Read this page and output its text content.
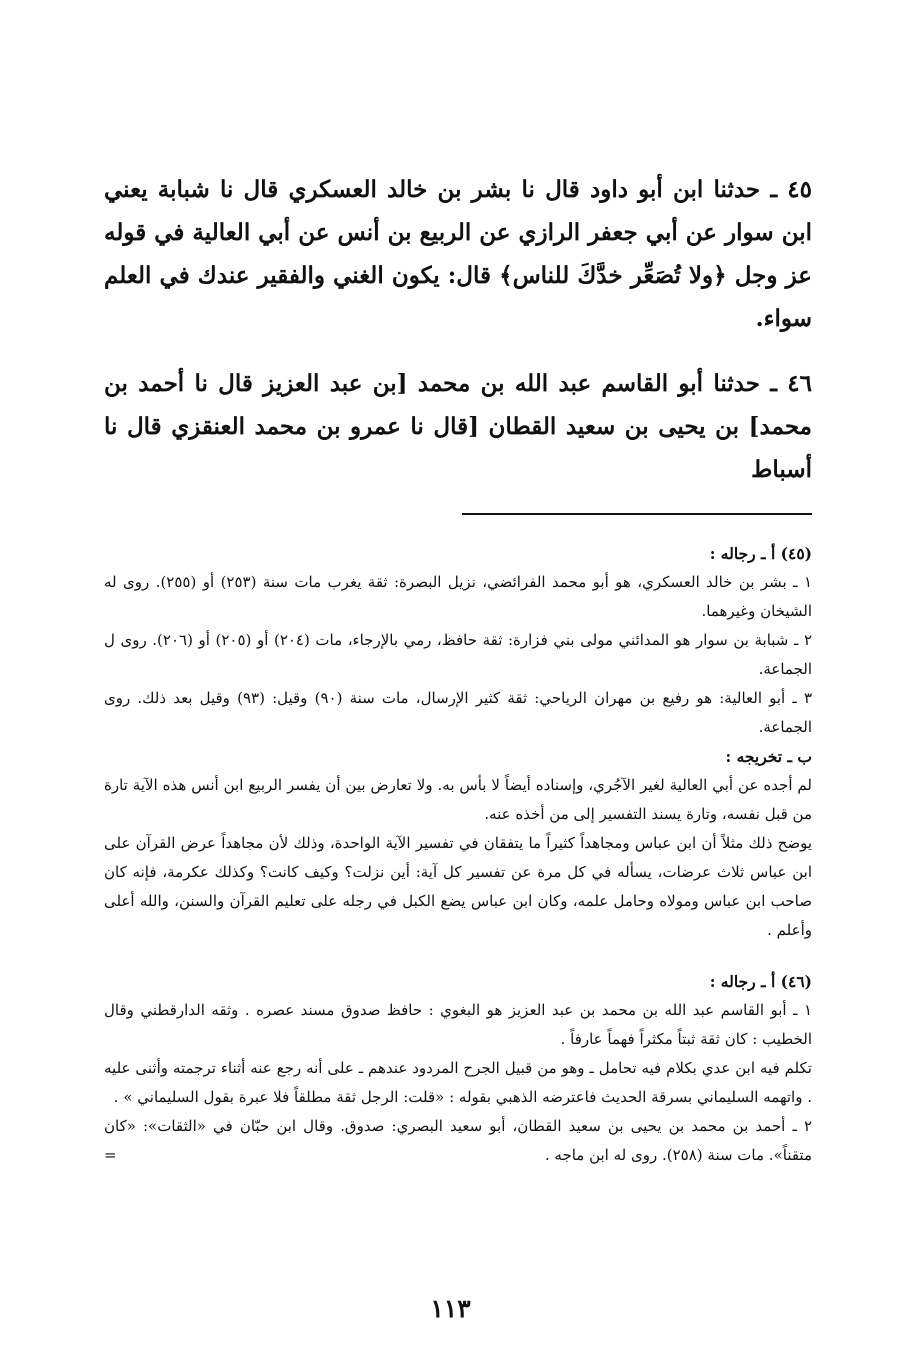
٤٥ ـ حدثنا ابن أبو داود قال نا بشر بن خالد العسكري قال نا شبابة يعني ابن سوار عن أبي جعفر الرازي عن الربيع بن أنس عن أبي العالية في قوله عز وجل ﴿ولا تُصَعِّر خدَّكَ للناس﴾ قال: يكون الغني والفقير عندك في العلم سواء.

٤٦ ـ حدثنا أبو القاسم عبد الله بن محمد [بن عبد العزيز قال نا أحمد بن محمد] بن يحيى بن سعيد القطان [قال نا عمرو بن محمد العنقزي قال نا أسباط

(٤٥) أ ـ رجاله :

١ ـ بشر بن خالد العسكري، هو أبو محمد الفرائضي، نزيل البصرة: ثقة يغرب مات سنة (٢٥٣) أو (٢٥٥). روى له الشيخان وغيرهما.

٢ ـ شبابة بن سوار هو المدائني مولى بني فزارة: ثقة حافظ، رمي بالإرجاء، مات (٢٠٤) أو (٢٠٥) أو (٢٠٦). روى ل الجماعة.

٣ ـ أبو العالية: هو رفيع بن مهران الرياحي: ثقة كثير الإرسال، مات سنة (٩٠) وقيل: (٩٣) وقيل بعد ذلك. روى الجماعة.

ب ـ تخريجه :

لم أجده عن أبي العالية لغير الآجُري، وإسناده أيضاً لا بأس به. ولا تعارض بين أن يفسر الربيع ابن أنس هذه الآية تارة من قبل نفسه، وتارة يسند التفسير إلى من أخذه عنه.

يوضح ذلك مثلاً أن ابن عباس ومجاهداً كثيراً ما يتفقان في تفسير الآية الواحدة، وذلك لأن مجاهداً عرض القرآن على ابن عباس ثلاث عرضات، يسأله في كل مرة عن تفسير كل آية: أين نزلت؟ وكيف كانت؟ وكذلك عكرمة، فإنه كان صاحب ابن عباس ومولاه وحامل علمه، وكان ابن عباس يضع الكبل في رجله على تعليم القرآن والسنن، والله أعلى وأعلم .

(٤٦) أ ـ رجاله :

١ ـ أبو القاسم عبد الله بن محمد بن عبد العزيز هو البغوي : حافظ صدوق مسند عصره . وثقه الدارقطني وقال الخطيب : كان ثقة ثبتاً مكثراً فهماً عارفاً .

تكلم فيه ابن عدي بكلام فيه تحامل ـ وهو من قبيل الجرح المردود عندهم ـ على أنه رجع عنه أثناء ترجمته وأثنى عليه . واتهمه السليماني بسرقة الحديث فاعترضه الذهبي بقوله : «قلت: الرجل ثقة مطلقاً فلا عبرة بقول السليماني » .

٢ ـ أحمد بن محمد بن يحيى بن سعيد القطان، أبو سعيد البصري: صدوق. وقال ابن حبّان في «الثقات»: «كان متقناً». مات سنة (٢٥٨). روى له ابن ماجه .
=

١١٣
